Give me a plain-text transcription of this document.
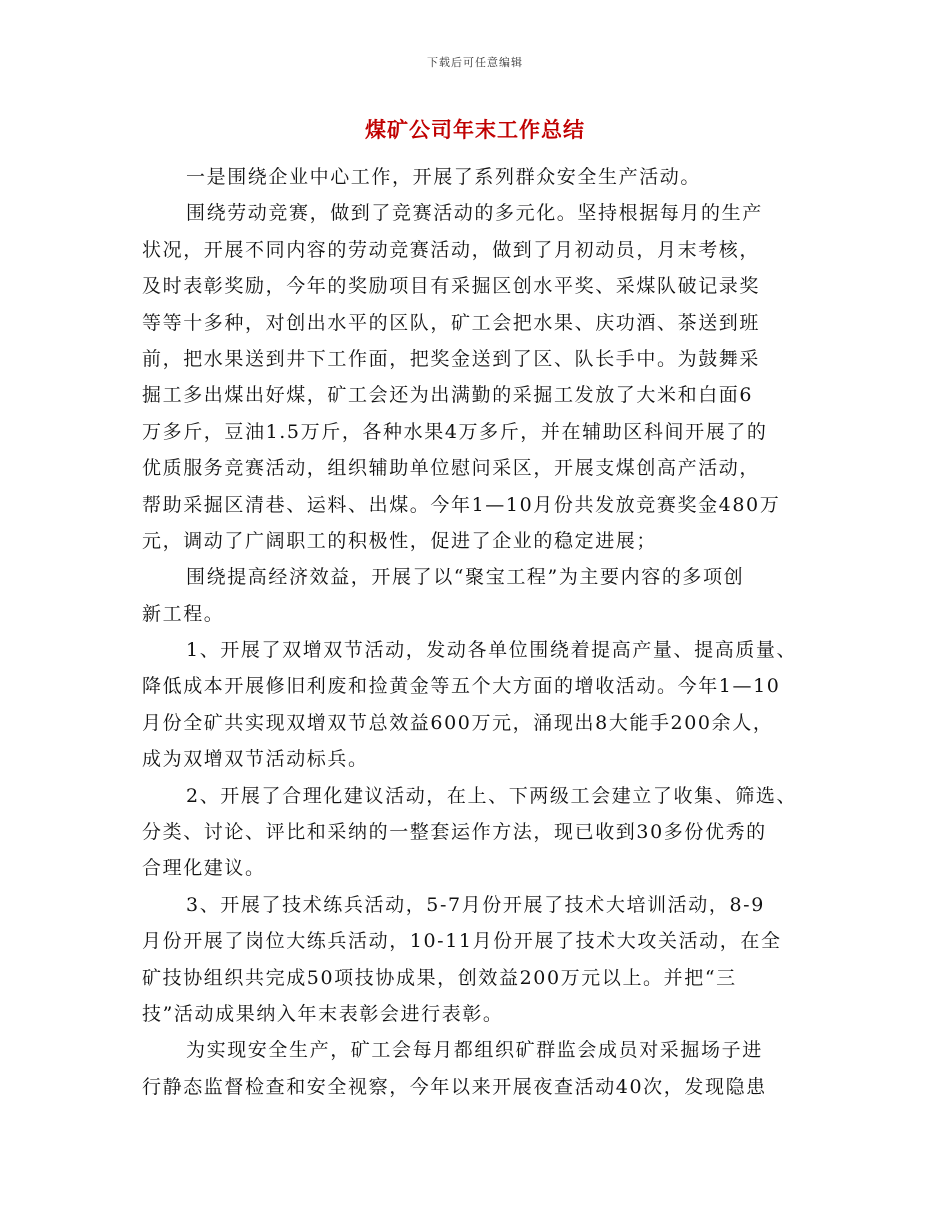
下载后可任意编辑
煤矿公司年末工作总结
一是围绕企业中心工作，开展了系列群众安全生产活动。
围绕劳动竞赛，做到了竞赛活动的多元化。坚持根据每月的生产
状况，开展不同内容的劳动竞赛活动，做到了月初动员，月末考核，
及时表彰奖励，今年的奖励项目有采掘区创水平奖、采煤队破记录奖
等等十多种，对创出水平的区队，矿工会把水果、庆功酒、茶送到班
前，把水果送到井下工作面，把奖金送到了区、队长手中。为鼓舞采
掘工多出煤出好煤，矿工会还为出满勤的采掘工发放了大米和白面6
万多斤，豆油1.5万斤，各种水果4万多斤，并在辅助区科间开展了的
优质服务竞赛活动，组织辅助单位慰问采区，开展支煤创高产活动，
帮助采掘区清巷、运料、出煤。今年1—10月份共发放竞赛奖金480万
元，调动了广阔职工的积极性，促进了企业的稳定进展；
围绕提高经济效益，开展了以“聚宝工程”为主要内容的多项创
新工程。
1、开展了双增双节活动，发动各单位围绕着提高产量、提高质量、
降低成本开展修旧利废和捡黄金等五个大方面的增收活动。今年1—10
月份全矿共实现双增双节总效益600万元，涌现出8大能手200余人，
成为双增双节活动标兵。
2、开展了合理化建议活动，在上、下两级工会建立了收集、筛选、
分类、讨论、评比和采纳的一整套运作方法，现已收到30多份优秀的
合理化建议。
3、开展了技术练兵活动，5-7月份开展了技术大培训活动，8-9
月份开展了岗位大练兵活动，10-11月份开展了技术大攻关活动，在全
矿技协组织共完成50项技协成果，创效益200万元以上。并把“三
技”活动成果纳入年末表彰会进行表彰。
为实现安全生产，矿工会每月都组织矿群监会成员对采掘场子进
行静态监督检查和安全视察，今年以来开展夜查活动40次，发现隐患
